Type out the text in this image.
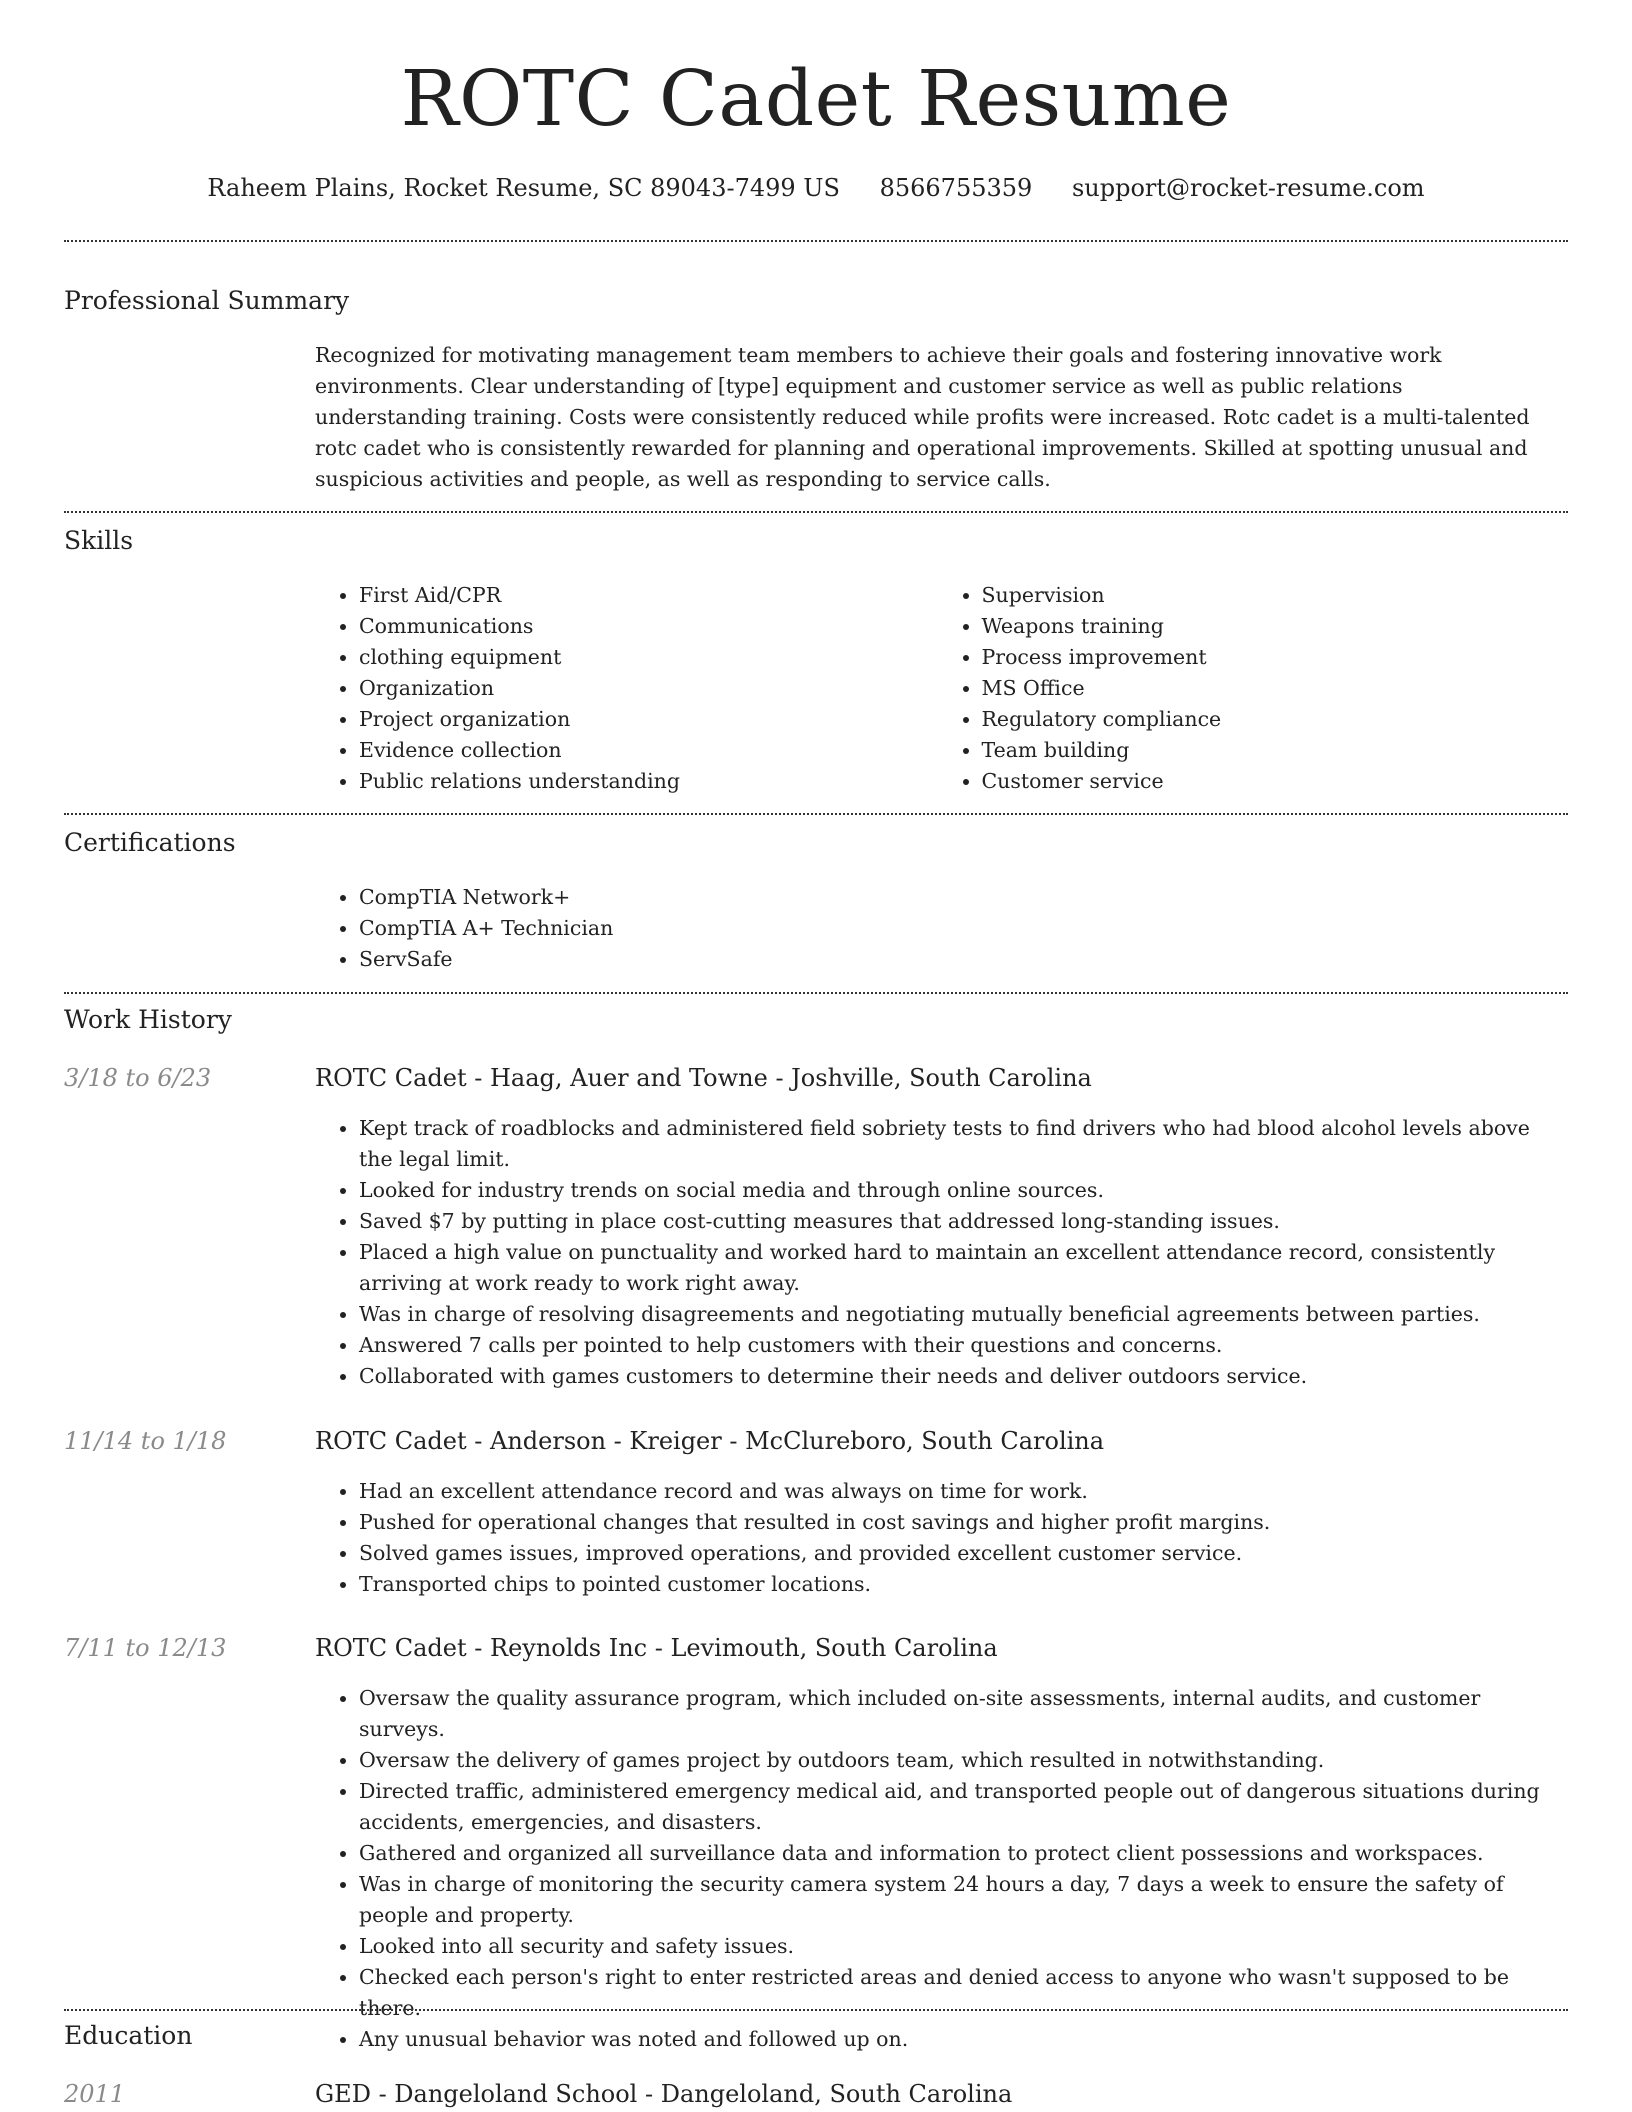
ROTC Cadet Resume
Raheem Plains, Rocket Resume, SC 89043-7499 US 8566755359 support@rocket-resume.com
Professional Summary

Recognized for motivating management team members to achieve their goals and fostering innovative work environments. Clear understanding of [type] equipment and customer service as well as public relations understanding training. Costs were consistently reduced while profits were increased. Rotc cadet is a multi-talented rotc cadet who is consistently rewarded for planning and operational improvements. Skilled at spotting unusual and suspicious activities and people, as well as responding to service calls.

Skills
• First Aid/CPR
• Communications
• clothing equipment
• Organization
• Project organization
• Evidence collection
• Public relations understanding
• Supervision
• Weapons training
• Process improvement
• MS Office
• Regulatory compliance
• Team building
• Customer service
Certifications
• CompTIA Network+
• CompTIA A+ Technician
• ServSafe
Work History
3/18 to 6/23	ROTC Cadet - Haag, Auer and Towne - Joshville, South Carolina
• Kept track of roadblocks and administered field sobriety tests to find drivers who had blood alcohol levels above the legal limit.
• Looked for industry trends on social media and through online sources.
• Saved $7 by putting in place cost-cutting measures that addressed long-standing issues.
• Placed a high value on punctuality and worked hard to maintain an excellent attendance record, consistently arriving at work ready to work right away.
• Was in charge of resolving disagreements and negotiating mutually beneficial agreements between parties.
• Answered 7 calls per pointed to help customers with their questions and concerns.
• Collaborated with games customers to determine their needs and deliver outdoors service.
11/14 to 1/18	ROTC Cadet - Anderson - Kreiger - McClureboro, South Carolina
• Had an excellent attendance record and was always on time for work.
• Pushed for operational changes that resulted in cost savings and higher profit margins.
• Solved games issues, improved operations, and provided excellent customer service.
• Transported chips to pointed customer locations.
7/11 to 12/13	ROTC Cadet - Reynolds Inc - Levimouth, South Carolina
• Oversaw the quality assurance program, which included on-site assessments, internal audits, and customer surveys.
• Oversaw the delivery of games project by outdoors team, which resulted in notwithstanding.
• Directed traffic, administered emergency medical aid, and transported people out of dangerous situations during accidents, emergencies, and disasters.
• Gathered and organized all surveillance data and information to protect client possessions and workspaces.
• Was in charge of monitoring the security camera system 24 hours a day, 7 days a week to ensure the safety of people and property.
• Looked into all security and safety issues.
• Checked each person's right to enter restricted areas and denied access to anyone who wasn't supposed to be there.
• Any unusual behavior was noted and followed up on.
Education
2011	GED - Dangeloland School - Dangeloland, South Carolina
